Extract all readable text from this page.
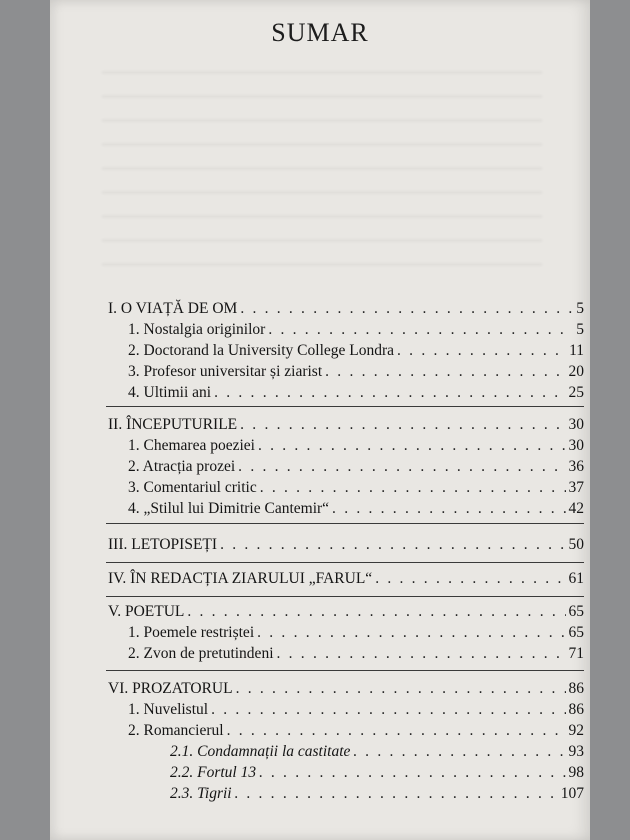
SUMAR
I. O VIAȚĂ DE OM . . .	5
1. Nostalgia originilor . . .	5
2. Doctorand la University College Londra . . .	11
3. Profesor universitar și ziarist . . .	20
4. Ultimii ani . . .	25
II. ÎNCEPUTURILE . . .	30
1. Chemarea poeziei . . .	30
2. Atracția prozei . . .	36
3. Comentariul critic . . .	37
4. „Stilul lui Dimitrie Cantemir“ . . .	42
III. LETOPISEȚI . . .	50
IV. ÎN REDACȚIA ZIARULUI „FARUL“ . . .	61
V. POETUL . . .	65
1. Poemele restriștei . . .	65
2. Zvon de pretutindeni . . .	71
VI. PROZATORUL . . .	86
1. Nuvelistul . . .	86
2. Romancierul . . .	92
2.1. Condamnații la castitate . . .	93
2.2. Fortul 13 . . .	98
2.3. Tigrii . . .	107
